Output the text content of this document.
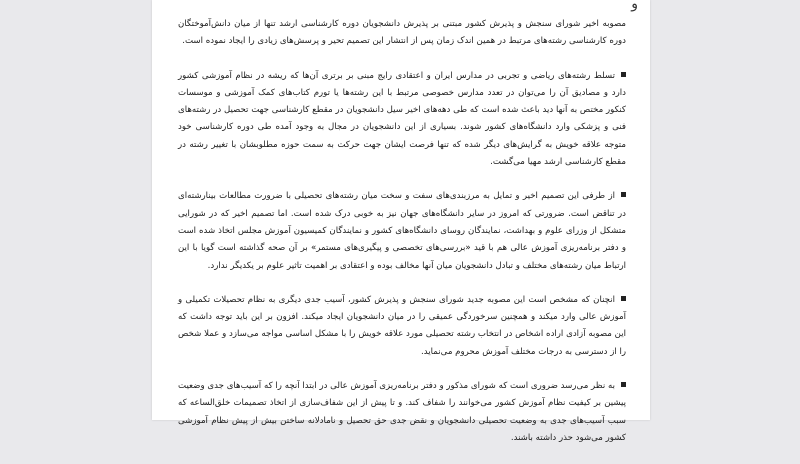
و

مصوبه اخیر شورای سنجش و پذیرش کشور مبتنی بر پذیرش دانشجویان دوره کارشناسی ارشد تنها از میان دانش‌آموختگان دوره کارشناسی رشته‌های مرتبط در همین اندک زمان پس از انتشار این تصمیم تحیر و پرسش‌های زیادی را ایجاد نموده است.

تسلط رشته‌های ریاضی و تجربی در مدارس ایران و اعتقادی رایج مبنی بر برتری آن‌ها که ریشه در نظام آموزشی کشور دارد و مصادیق آن را می‌توان در تعدد مدارس خصوصی مرتبط با این رشته‌ها یا تورم کتاب‌های کمک آموزشی و موسسات کنکور مختص به آنها دید باعث شده است که طی دهه‌های اخیر سیل دانشجویان در مقطع کارشناسی جهت تحصیل در رشته‌های فنی و پزشکی وارد دانشگاه‌های کشور شوند. بسیاری از این دانشجویان در مجال به وجود آمده طی دوره کارشناسی خود متوجه علاقه خویش به گرایش‌های دیگر شده که تنها فرصت ایشان جهت حرکت به سمت حوزه مطلوبشان با تغییر رشته در مقطع کارشناسی ارشد مهیا می‌گشت.

از طرفی این تصمیم اخیر و تمایل به مرزبندی‌های سفت و سخت میان رشته‌های تحصیلی با ضرورت مطالعات بینارشته‌ای در تناقض است. ضرورتی که امروز در سایر دانشگاه‌های جهان نیز به خوبی درک شده است. اما تصمیم اخیر که در شورایی متشکل از وزرای علوم و بهداشت، نمایندگان روسای دانشگاه‌های کشور و نمایندگان کمیسیون آموزش مجلس اتخاذ شده است و دفتر برنامه‌ریزی آموزش عالی هم با قید «بررسی‌های تخصصی و پیگیری‌های مستمر» بر آن صحه گذاشته است گویا با این ارتباط میان رشته‌های مختلف و تبادل دانشجویان میان آنها مخالف بوده و اعتقادی بر اهمیت تاثیر علوم بر یکدیگر ندارد.

انچنان که مشخص است این مصوبه جدید شورای سنجش و پذیرش کشور، آسیب جدی دیگری به نظام تحصیلات تکمیلی و آموزش عالی وارد میکند و همچنین سرخوردگی عمیقی را در میان دانشجویان ایجاد میکند. افزون بر این باید توجه داشت که این مصوبه آزادی اراده اشخاص در انتخاب رشته تحصیلی مورد علاقه خویش را با مشکل اساسی مواجه می‌سازد و عملا شخص را از دسترسی به درجات مختلف آموزش محروم می‌نماید.

به نظر می‌رسد ضروری است که شورای مذکور و دفتر برنامه‌ریزی آموزش عالی در ابتدا آنچه را که آسیب‌های جدی وضعیت پیشین بر کیفیت نظام آموزش کشور می‌خوانند را شفاف کند. و تا پیش از این شفاف‌سازی از اتخاذ تصمیمات خلق‌الساعه که سبب آسیب‌های جدی به وضعیت تحصیلی دانشجویان و نقض جدی حق تحصیل و نامادلانه ساختن بیش از پیش نظام آموزشی کشور می‌شود حذر داشته باشند.
